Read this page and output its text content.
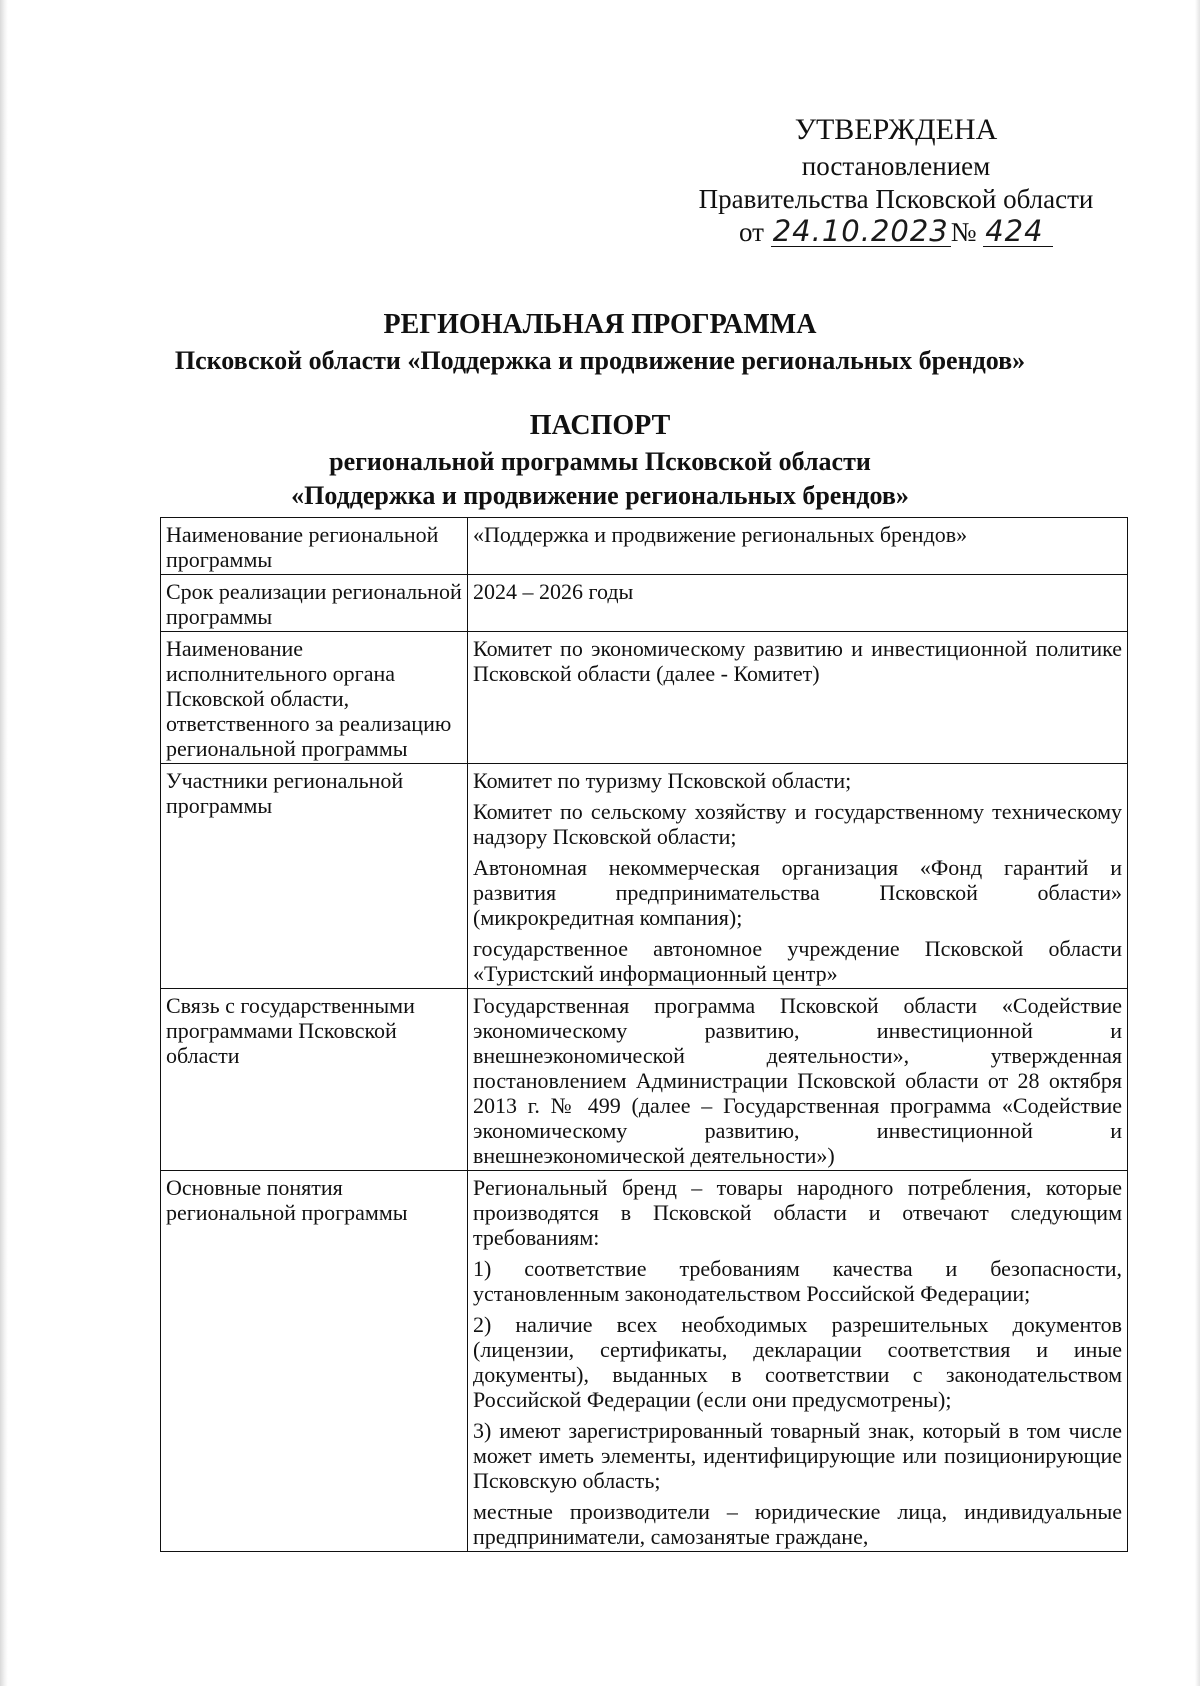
УТВЕРЖДЕНА
постановлением
Правительства Псковской области
от 24.10.2023№ 424
РЕГИОНАЛЬНАЯ ПРОГРАММА
Псковской области «Поддержка и продвижение региональных брендов»
ПАСПОРТ
региональной программы Псковской области
«Поддержка и продвижение региональных брендов»
Наименование региональной программы	«Поддержка и продвижение региональных брендов»

Срок реализации региональной программы	2024 – 2026 годы

Наименование исполнительного органа Псковской области, ответственного за реализацию региональной программы	Комитет по экономическому развитию и инвестиционной политике Псковской области (далее - Комитет)

Участники региональной программы	Комитет по туризму Псковской области;
Комитет по сельскому хозяйству и государственному техническому надзору Псковской области;
Автономная некоммерческая организация «Фонд гарантий и развития предпринимательства Псковской области» (микрокредитная компания);
государственное автономное учреждение Псковской области «Туристский информационный центр»

Связь с государственными программами Псковской области	Государственная программа Псковской области «Содействие экономическому развитию, инвестиционной и внешнеэкономической деятельности», утвержденная постановлением Администрации Псковской области от 28 октября 2013 г. № 499 (далее – Государственная программа «Содействие экономическому развитию, инвестиционной и внешнеэкономической деятельности»)

Основные понятия региональной программы	Региональный бренд – товары народного потребления, которые производятся в Псковской области и отвечают следующим требованиям:
1) соответствие требованиям качества и безопасности, установленным законодательством Российской Федерации;
2) наличие всех необходимых разрешительных документов (лицензии, сертификаты, декларации соответствия и иные документы), выданных в соответствии с законодательством Российской Федерации (если они предусмотрены);
3) имеют зарегистрированный товарный знак, который в том числе может иметь элементы, идентифицирующие или позиционирующие Псковскую область;
местные производители – юридические лица, индивидуальные предприниматели, самозанятые граждане,
